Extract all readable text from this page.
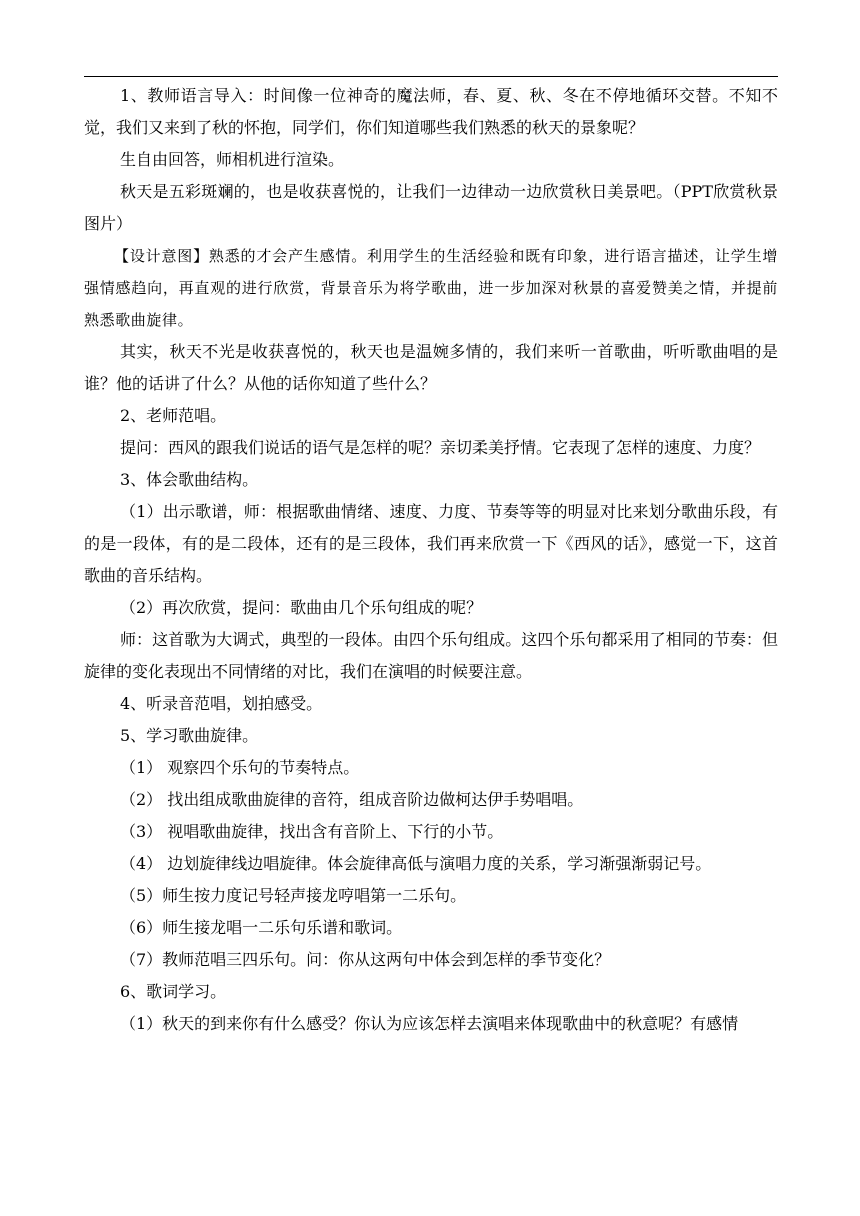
1、教师语言导入：时间像一位神奇的魔法师，春、夏、秋、冬在不停地循环交替。不知不觉，我们又来到了秋的怀抱，同学们，你们知道哪些我们熟悉的秋天的景象呢？

生自由回答，师相机进行渲染。

秋天是五彩斑斓的，也是收获喜悦的，让我们一边律动一边欣赏秋日美景吧。（PPT欣赏秋景图片）

【设计意图】熟悉的才会产生感情。利用学生的生活经验和既有印象，进行语言描述，让学生增强情感趋向，再直观的进行欣赏，背景音乐为将学歌曲，进一步加深对秋景的喜爱赞美之情，并提前熟悉歌曲旋律。

其实，秋天不光是收获喜悦的，秋天也是温婉多情的，我们来听一首歌曲，听听歌曲唱的是谁？他的话讲了什么？从他的话你知道了些什么？

2、老师范唱。

提问：西风的跟我们说话的语气是怎样的呢？亲切柔美抒情。它表现了怎样的速度、力度？

3、体会歌曲结构。

（1）出示歌谱，师：根据歌曲情绪、速度、力度、节奏等等的明显对比来划分歌曲乐段，有的是一段体，有的是二段体，还有的是三段体，我们再来欣赏一下《西风的话》，感觉一下，这首歌曲的音乐结构。

（2）再次欣赏，提问：歌曲由几个乐句组成的呢？

师：这首歌为大调式，典型的一段体。由四个乐句组成。这四个乐句都采用了相同的节奏：但旋律的变化表现出不同情绪的对比，我们在演唱的时候要注意。

4、听录音范唱，划拍感受。

5、学习歌曲旋律。

（1） 观察四个乐句的节奏特点。

（2） 找出组成歌曲旋律的音符，组成音阶边做柯达伊手势唱唱。

（3） 视唱歌曲旋律，找出含有音阶上、下行的小节。

（4） 边划旋律线边唱旋律。体会旋律高低与演唱力度的关系，学习渐强渐弱记号。

（5）师生按力度记号轻声接龙哼唱第一二乐句。

（6）师生接龙唱一二乐句乐谱和歌词。

（7）教师范唱三四乐句。问：你从这两句中体会到怎样的季节变化？

6、歌词学习。

（1）秋天的到来你有什么感受？你认为应该怎样去演唱来体现歌曲中的秋意呢？有感情
